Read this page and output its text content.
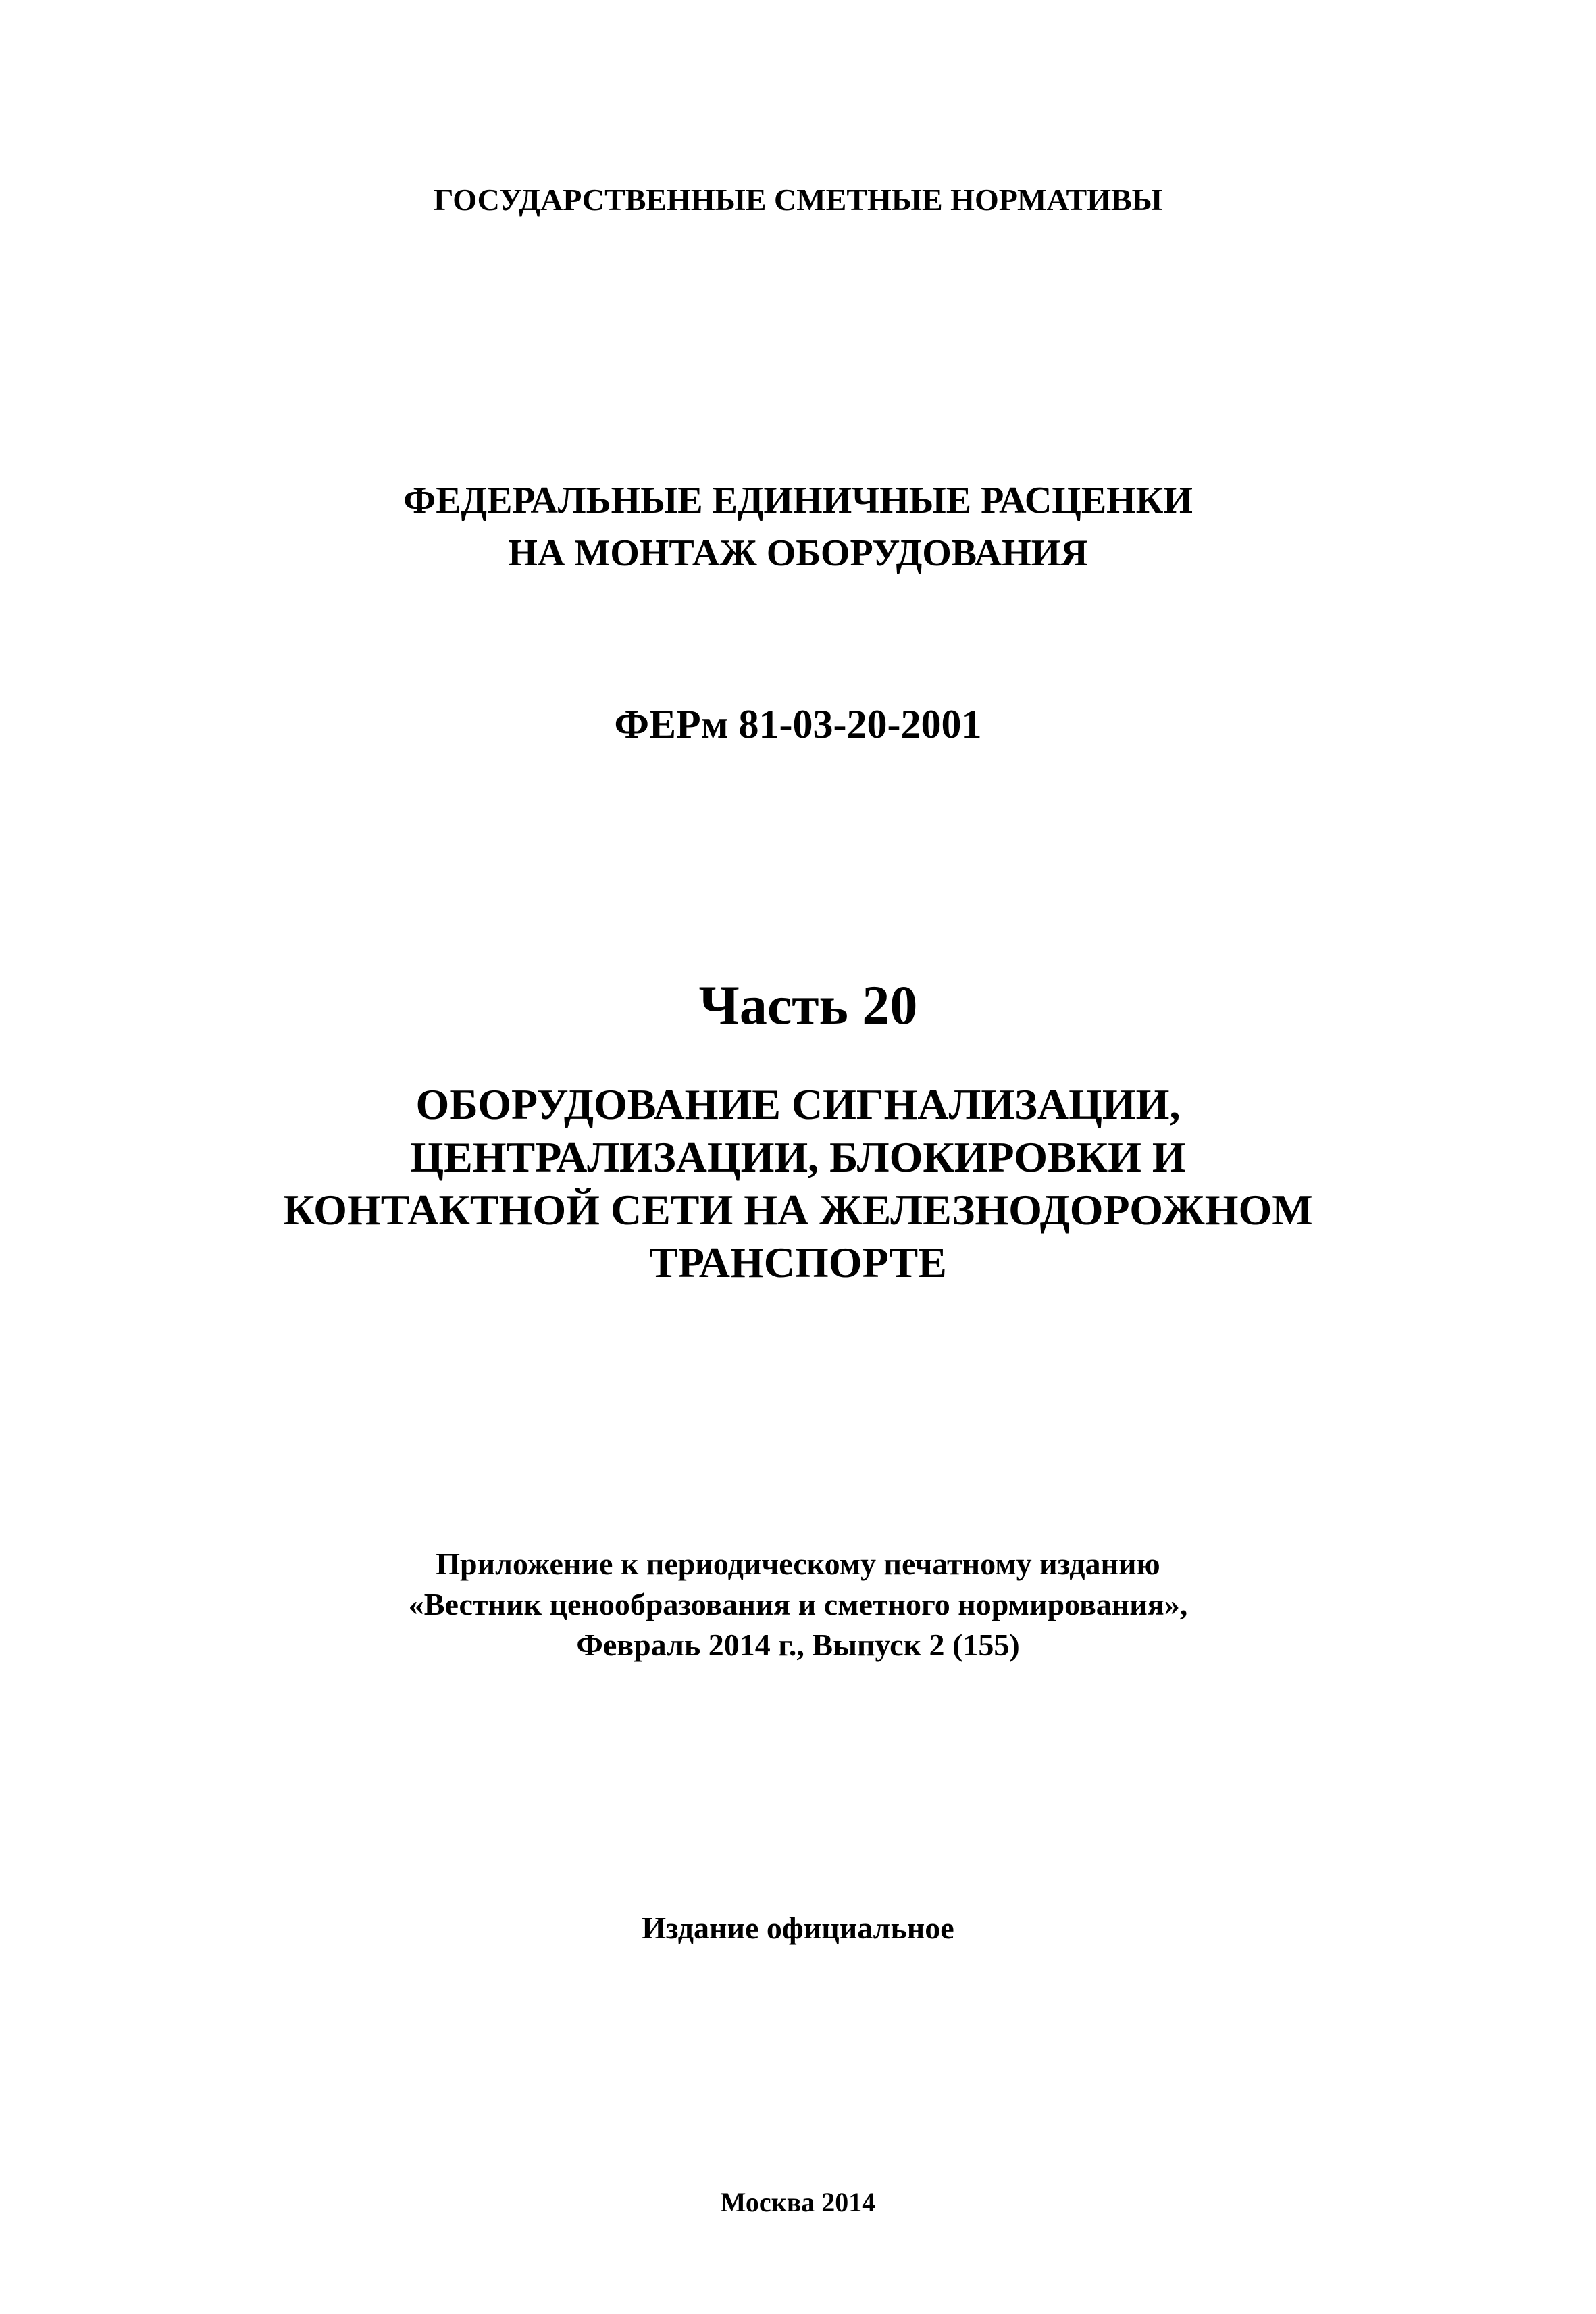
ГОСУДАРСТВЕННЫЕ СМЕТНЫЕ НОРМАТИВЫ

ФЕДЕРАЛЬНЫЕ ЕДИНИЧНЫЕ РАСЦЕНКИ
НА МОНТАЖ ОБОРУДОВАНИЯ

ФЕРм 81-03-20-2001

Часть 20
ОБОРУДОВАНИЕ СИГНАЛИЗАЦИИ,
ЦЕНТРАЛИЗАЦИИ, БЛОКИРОВКИ И
КОНТАКТНОЙ СЕТИ НА ЖЕЛЕЗНОДОРОЖНОМ
ТРАНСПОРТЕ

Приложение к периодическому печатному изданию
«Вестник ценообразования и сметного нормирования»,
Февраль 2014 г., Выпуск 2 (155)

Издание официальное

Москва 2014
